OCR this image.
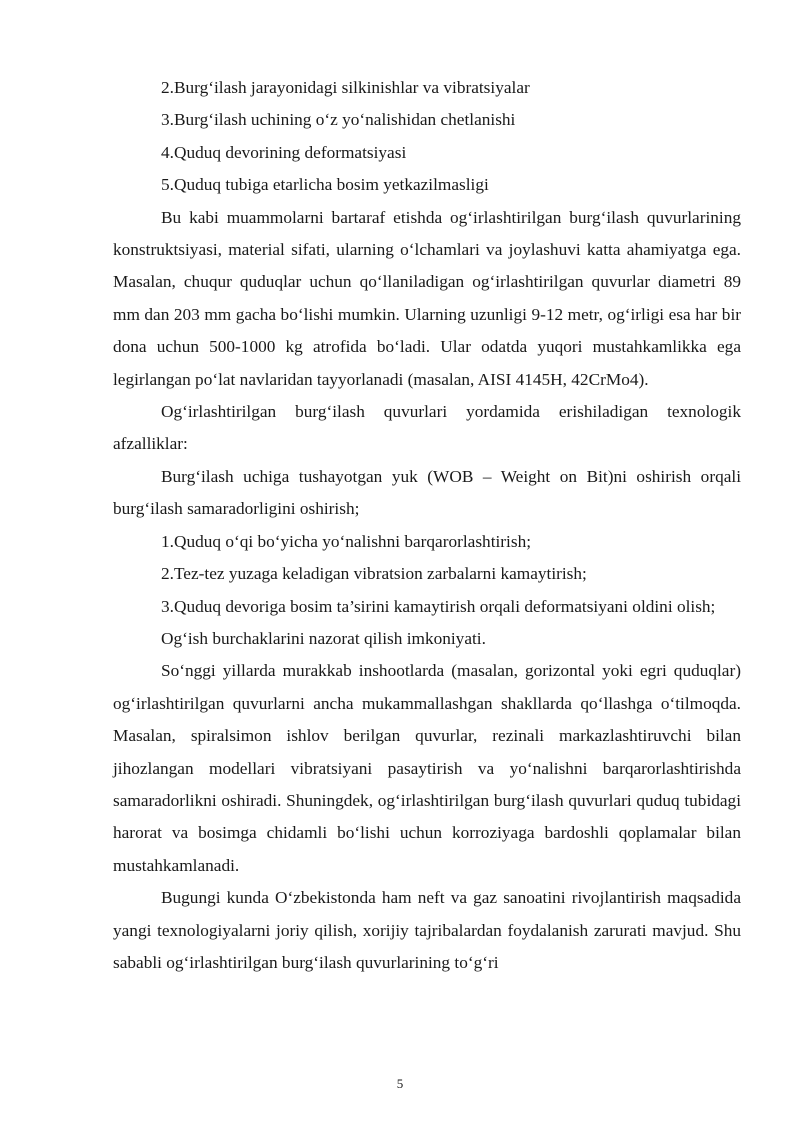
2.Burg‘ilash jarayonidagi silkinishlar va vibratsiyalar

3.Burg‘ilash uchining o‘z yo‘nalishidan chetlanishi

4.Quduq devorining deformatsiyasi

5.Quduq tubiga etarlicha bosim yetkazilmasligi

Bu kabi muammolarni bartaraf etishda og‘irlashtirilgan burg‘ilash quvurlarining konstruktsiyasi, material sifati, ularning o‘lchamlari va joylashuvi katta ahamiyatga ega. Masalan, chuqur quduqlar uchun qo‘llaniladigan og‘irlashtirilgan quvurlar diametri 89 mm dan 203 mm gacha bo‘lishi mumkin. Ularning uzunligi 9-12 metr, og‘irligi esa har bir dona uchun 500-1000 kg atrofida bo‘ladi. Ular odatda yuqori mustahkamlikka ega legirlangan po‘lat navlaridan tayyorlanadi (masalan, AISI 4145H, 42CrMo4).

Og‘irlashtirilgan burg‘ilash quvurlari yordamida erishiladigan texnologik afzalliklar:

Burg‘ilash uchiga tushayotgan yuk (WOB – Weight on Bit)ni oshirish orqali burg‘ilash samaradorligini oshirish;

1.Quduq o‘qi bo‘yicha yo‘nalishni barqarorlashtirish;

2.Tez-tez yuzaga keladigan vibratsion zarbalarni kamaytirish;

3.Quduq devoriga bosim ta’sirini kamaytirish orqali deformatsiyani oldini olish;

Og‘ish burchaklarini nazorat qilish imkoniyati.

So‘nggi yillarda murakkab inshootlarda (masalan, gorizontal yoki egri quduqlar) og‘irlashtirilgan quvurlarni ancha mukammallashgan shakllarda qo‘llashga o‘tilmoqda. Masalan, spiralsimon ishlov berilgan quvurlar, rezinali markazlashtiruvchi bilan jihozlangan modellari vibratsiyani pasaytirish va yo‘nalishni barqarorlashtirishda samaradorlikni oshiradi. Shuningdek, og‘irlashtirilgan burg‘ilash quvurlari quduq tubidagi harorat va bosimga chidamli bo‘lishi uchun korroziyaga bardoshli qoplamalar bilan mustahkamlanadi.

Bugungi kunda O‘zbekistonda ham neft va gaz sanoatini rivojlantirish maqsadida yangi texnologiyalarni joriy qilish, xorijiy tajribalardan foydalanish zarurati mavjud. Shu sababli og‘irlashtirilgan burg‘ilash quvurlarining to‘g‘ri

5
